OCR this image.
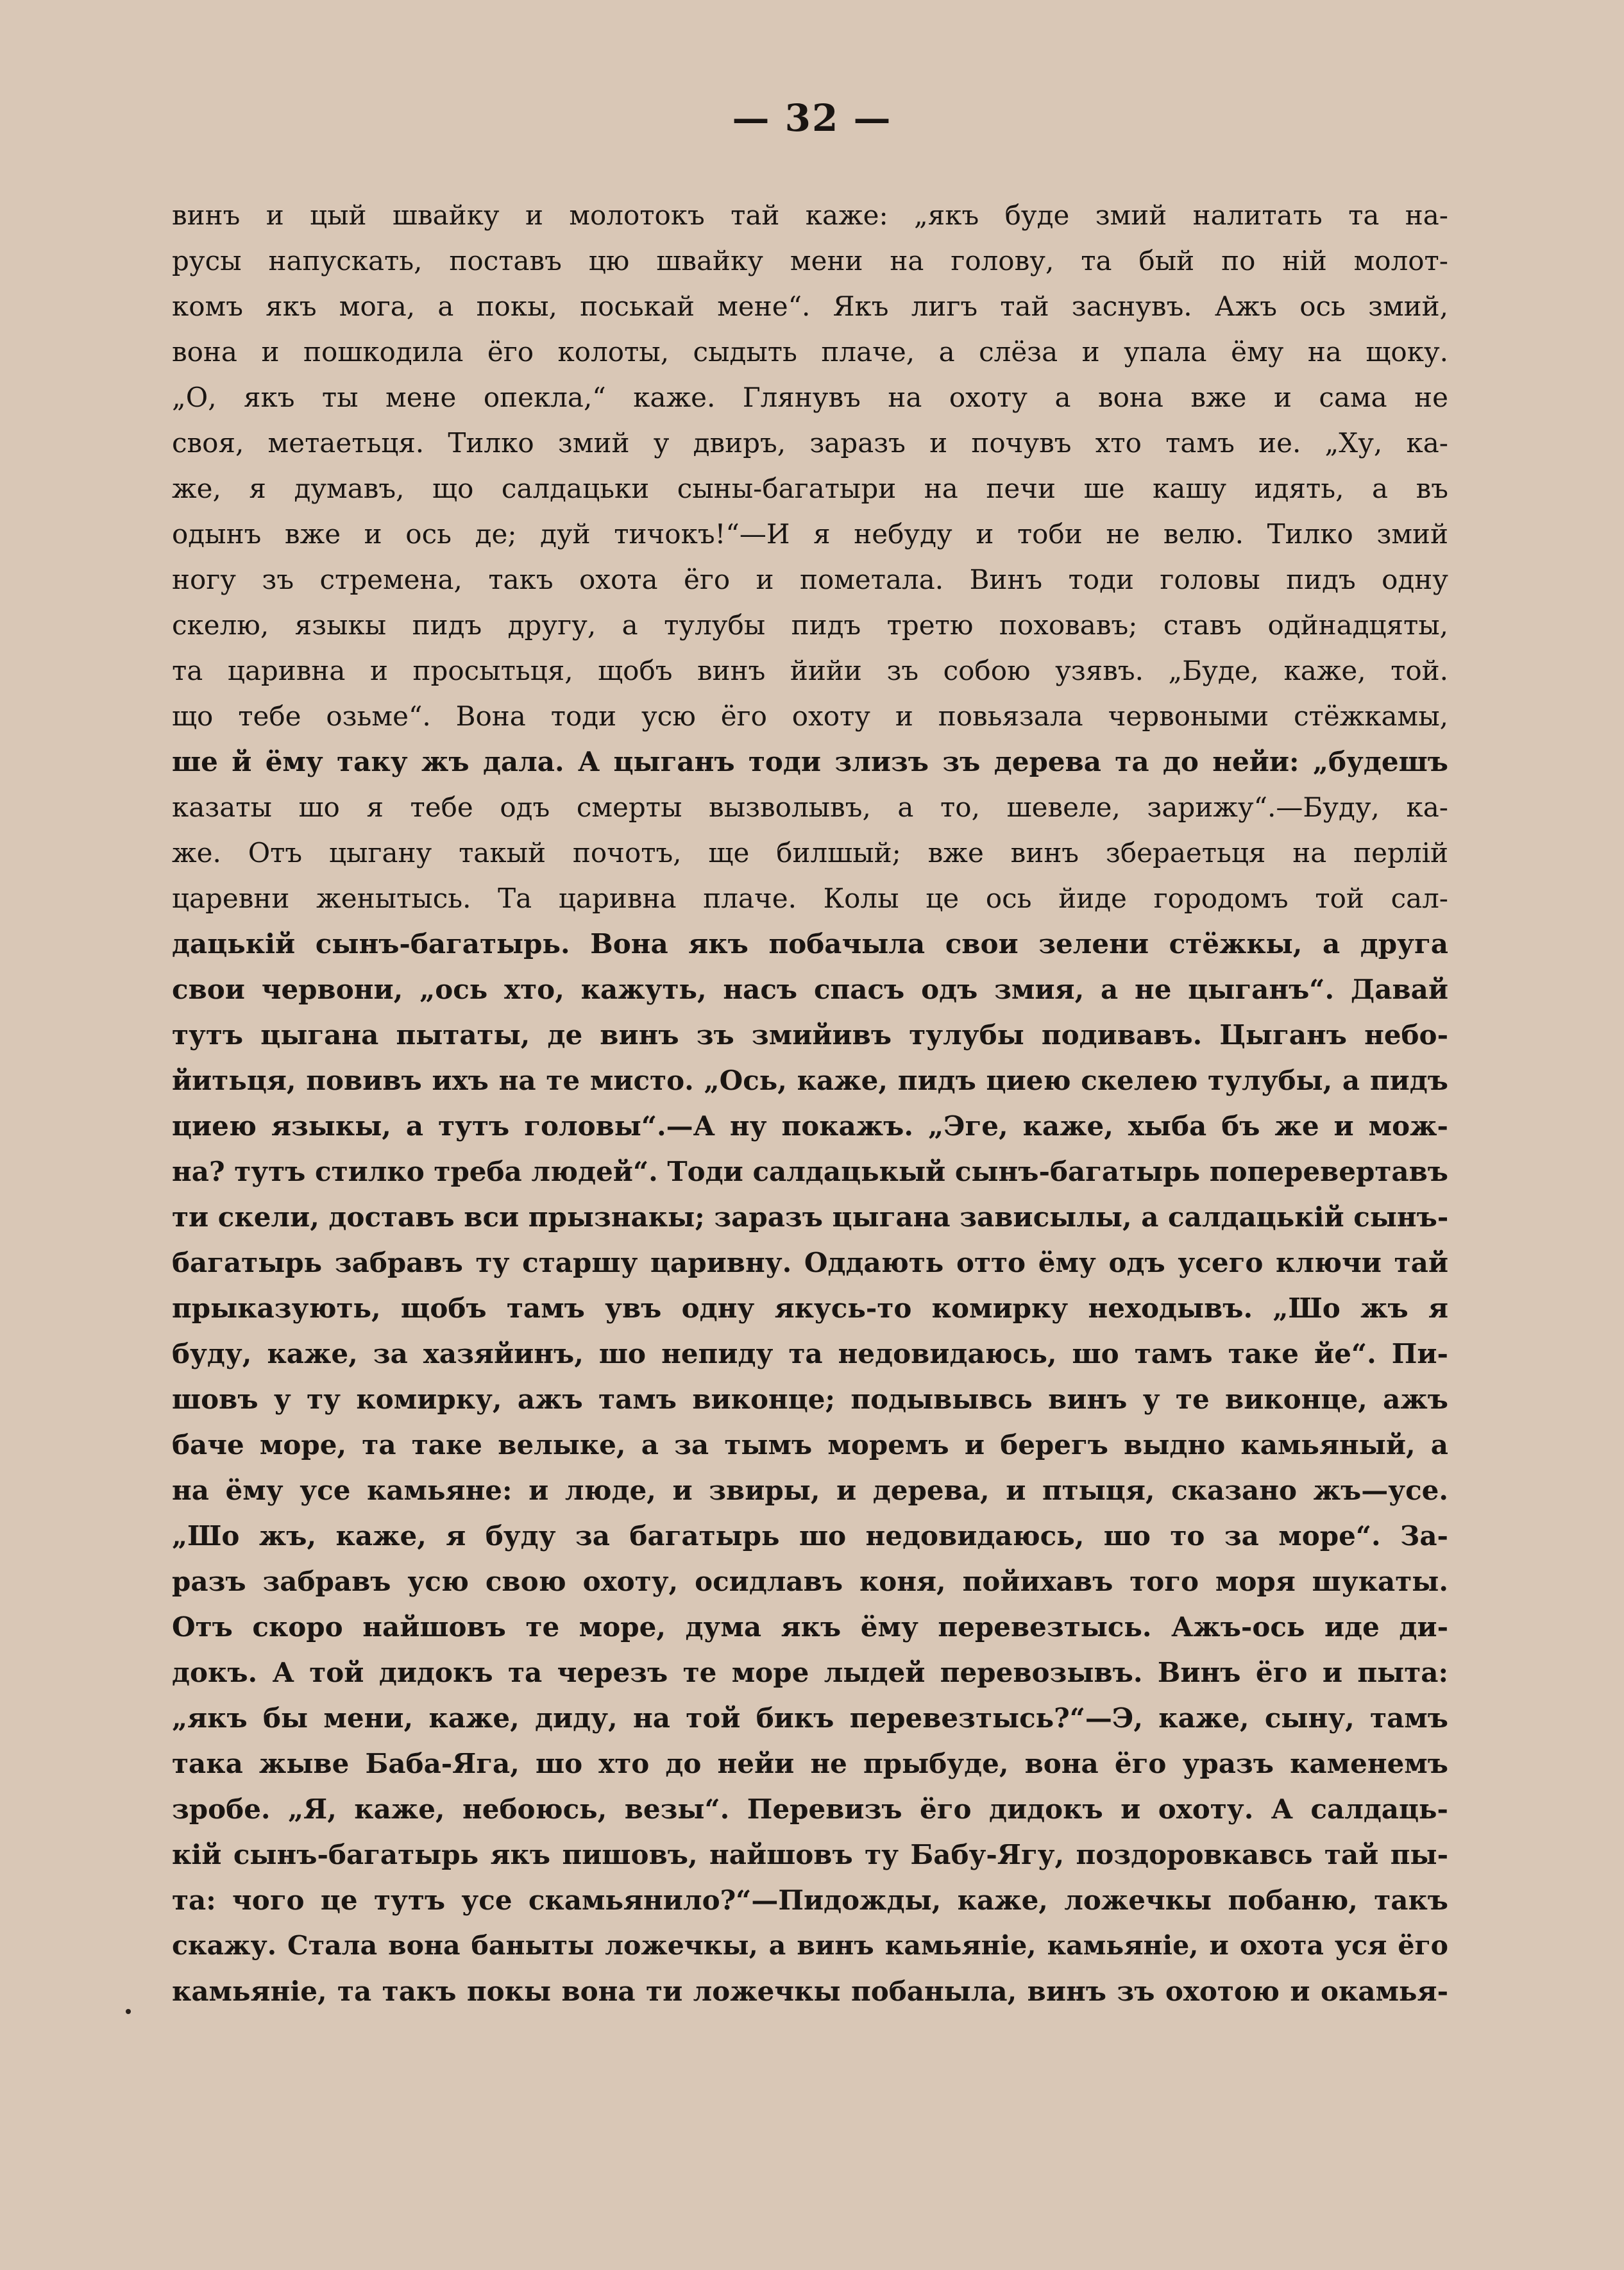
— 32 —
винъ и цый швайку и молотокъ тай каже: „якъ буде змий налитать та на-
русы напускать, поставъ цю швайку мени на голову, та бый по ній молот-
комъ якъ мога, а покы, поськай мене“. Якъ лигъ тай заснувъ. Ажъ ось змий,
вона и пошкодила ёго колоты, сыдыть плаче, а слёза и упала ёму на щоку.
„О, якъ ты мене опекла,“ каже. Глянувъ на охоту а вона вже и сама не
своя, метаетьця. Тилко змий у двиръ, заразъ и почувъ хто тамъ ие. „Ху, ка-
же, я думавъ, що салдацьки сыны-багатыри на печи ше кашу идять, а въ
одынъ вже и ось де; дуй тичокъ!“—И я небуду и тоби не велю. Тилко змий
ногу зъ стремена, такъ охота ёго и пометала. Винъ тоди головы пидъ одну
скелю, языкы пидъ другу, а тулубы пидъ третю поховавъ; ставъ одйнадцяты,
та царивна и просытьця, щобъ винъ йийи зъ собою узявъ. „Буде, каже, той.
що тебе озьме“. Вона тоди усю ёго охоту и повьязала червоными стёжкамы,
ше й ёму таку жъ дала. А цыганъ тоди злизъ зъ дерева та до нейи: „будешъ
казаты шо я тебе одъ смерты вызволывъ, а то, шевеле, зарижу“.—Буду, ка-
же. Отъ цыгану такый почотъ, ще билшый; вже винъ збераетьця на перлій
царевни женытысь. Та царивна плаче. Колы це ось йиде городомъ той сал-
дацькій сынъ-багатырь. Вона якъ побачыла свои зелени стёжкы, а друга
свои червони, „ось хто, кажуть, насъ спасъ одъ змия, а не цыганъ“. Давай
тутъ цыгана пытаты, де винъ зъ змийивъ тулубы подивавъ. Цыганъ небо-
йитьця, повивъ ихъ на те мисто. „Ось, каже, пидъ циею скелею тулубы, а пидъ
циею языкы, а тутъ головы“.—А ну покажъ. „Эге, каже, хыба бъ же и мож-
на? тутъ стилко треба людей“. Тоди салдацькый сынъ-багатырь поперевертавъ
ти скели, доставъ вси прызнакы; заразъ цыгана зависылы, а салдацькій сынъ-
багатырь забравъ ту старшу царивну. Оддають отто ёму одъ усего ключи тай
прыказують, щобъ тамъ увъ одну якусь-то комирку неходывъ. „Шо жъ я
буду, каже, за хазяйинъ, шо непиду та недовидаюсь, шо тамъ таке йе“. Пи-
шовъ у ту комирку, ажъ тамъ виконце; подывывсь винъ у те виконце, ажъ
баче море, та таке велыке, а за тымъ моремъ и берегъ выдно камьяный, а
на ёму усе камьяне: и люде, и звиры, и дерева, и птыця, сказано жъ—усе.
„Шо жъ, каже, я буду за багатырь шо недовидаюсь, шо то за море“. За-
разъ забравъ усю свою охоту, осидлавъ коня, пойихавъ того моря шукаты.
Отъ скоро найшовъ те море, дума якъ ёму перевезтысь. Ажъ-ось иде ди-
докъ. А той дидокъ та черезъ те море лыдей перевозывъ. Винъ ёго и пыта:
„якъ бы мени, каже, диду, на той бикъ перевезтысь?“—Э, каже, сыну, тамъ
така жыве Баба-Яга, шо хто до нейи не прыбуде, вона ёго уразъ каменемъ
зробе. „Я, каже, небоюсь, везы“. Перевизъ ёго дидокъ и охоту. А салдаць-
кій сынъ-багатырь якъ пишовъ, найшовъ ту Бабу-Ягу, поздоровкавсь тай пы-
та: чого це тутъ усе скамьянило?“—Пидожды, каже, ложечкы побаню, такъ
скажу. Стала вона баныты ложечкы, а винъ камьяніе, камьяніе, и охота уся ёго
камьяніе, та такъ покы вона ти ложечкы побаныла, винъ зъ охотою и окамья-
